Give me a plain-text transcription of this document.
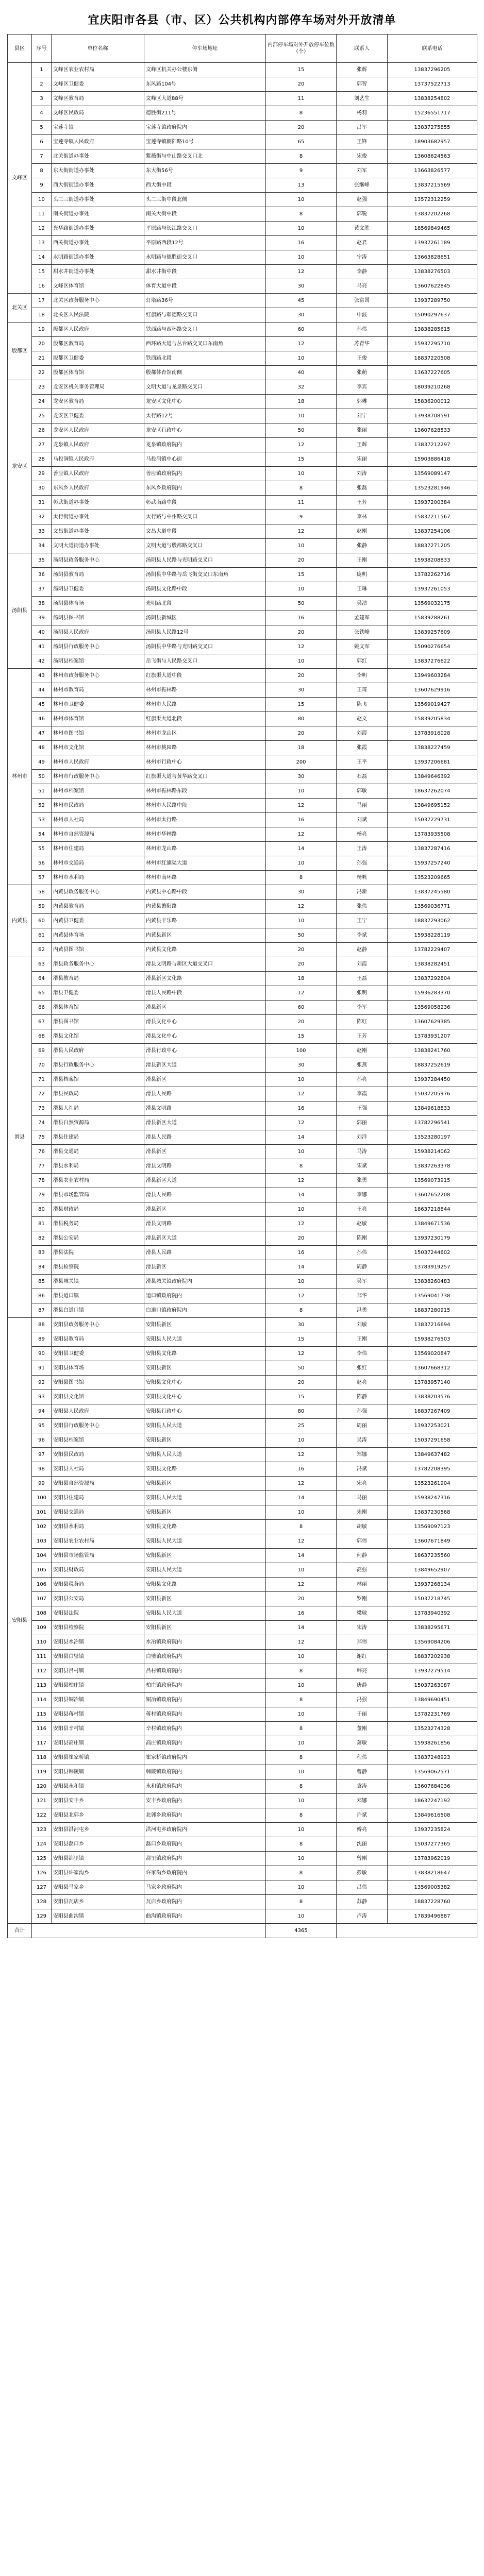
宜庆阳市各县（市、区）公共机构内部停车场对外开放清单
县区	序号	单位名称	停车场地址	内部停车场对外开放停车位数（个）	联系人	联系电话
文峰区	1	文峰区农业农村局	文峰区机关办公楼东侧	15	张辉	13837296205
	2	文峰区卫健委	东风路104号	20	郭智	13737522713
	3	文峰区教育局	文峰区大道88号	11	刘艺生	13838254802
	4	文峰区民政局	德胜街211号	8	杨莉	15236551717
	5	宝莲寺镇	宝莲寺镇政府院内	20	吕军	13837275855
	6	宝莲寺镇人民政府	宝莲寺镇朝阳路10号	65	王锋	18903682957
	7	北关街道办事处	紫薇街与中山路交叉口北	8	宋俊	13608624563
	8	东大街街道办事处	东大街56号	9	刘军	13663826577
	9	西大街街道办事处	西大街中段	13	张继峰	13837215569
	10	头二三街道办事处	头二三街中段北侧	10	赵强	13572312259
	11	南关街道办事处	南关大街中段	8	郭锐	13837202268
	12	光华路街道办事处	平原路与长江路交叉口	10	黄文胜	18569849465
	13	西关街道办事处	平原路西段12号	16	赵君	13937261189
	14	永明路街道办事处	永明路与德胜街交叉口	10	宁涛	13663828651
	15	甜水井街道办事处	甜水井街中段	12	李静	13838276503
	16	文峰区体育馆	体育大道中段	30	马亮	13607622845
北关区	17	北关区政务服务中心	灯塔路36号	45	张富国	13937289750
	18	北关区人民法院	红旗路与彰德路交叉口	30	申波	15090297637
殷都区	19	殷都区人民政府	铁西路与西环路交叉口	60	孙伟	13838285615
	20	殷都区教育局	西环路大道与丛台路交叉口东南角	12	苏青华	15937295710
	21	殷都区卫健委	铁西路北段	10	王俊	18837220508
	22	殷都区体育馆	殷都体育馆南侧	40	张萌	13637227605
龙安区	23	龙安区机关事务管理局	文明大道与龙泉路交叉口	32	李宾	18039210268
	24	龙安区教育局	龙安区文化中心	18	郭琳	15836200012
	25	龙安区卫健委	太行路12号	10	刘宁	13938708591
	26	龙安区人民政府	龙安区行政中心	50	张丽	13607628533
	27	龙泉镇人民政府	龙泉镇政府院内	12	王辉	13837212297
	28	马投涧镇人民政府	马投涧镇中心街	15	宋丽	15903886418
	29	善应镇人民政府	善应镇政府院内	10	刘涛	13569089147
	30	东风乡人民政府	东风乡政府院内	8	张磊	13523281946
	31	彰武街道办事处	彰武南路中段	11	王芳	13937200384
	32	太行街道办事处	太行路与中州路交叉口	9	李林	15837211567
	33	文昌街道办事处	文昌大道中段	12	赵刚	13837254106
	34	文明大道街道办事处	文明大道与殷都路交叉口	10	张静	18837271205
汤阴县	35	汤阴县政务服务中心	汤阴县人民路与光明路交叉口	20	王刚	15938208833
	36	汤阴县教育局	汤阴县中华路与岳飞街交叉口东南角	15	庞明	13782262716
	37	汤阴县卫健委	汤阴县文化路中段	10	王琳	13937261053
	38	汤阴县体育场	光明路北段	50	吴洁	13569032175
	39	汤阴县图书馆	汤阴县新城区	16	孟建军	15839288261
	40	汤阴县人民政府	汤阴县人民路12号	20	张铁峰	13839257609
	41	汤阴县行政服务中心	汤阴县中华路与光明路交叉口	12	姚文军	15090276654
	42	汤阴县档案馆	岳飞街与人民路交叉口	10	郭红	13837276622
林州市	43	林州市政务服务中心	红旗渠大道中段	20	李明	13949603284
	44	林州市教育局	林州市振林路	30	王琦	13607629916
	45	林州市卫健委	林州市人民路	15	陈飞	13569019427
	46	林州市体育馆	红旗渠大道北段	80	赵文	15839205834
	47	林州市图书馆	林州市龙山区	20	刘霞	13783916028
	48	林州市文化馆	林州市桃园路	18	张霞	13838227459
	49	林州市人民政府	林州市行政中心	200	王平	13937206681
	50	林州市行政服务中心	红旗渠大道与黄华路交叉口	30	石磊	13849646392
	51	林州市档案馆	林州市振林路东段	10	郭敏	18637262074
	52	林州市民政局	林州市人民路中段	12	马丽	13849695152
	53	林州市人社局	林州市太行路	16	刘斌	15037229731
	54	林州市自然资源局	林州市华林路	12	杨亮	13783935508
	55	林州市住建局	林州市龙山路	14	王涛	13837287416
	56	林州市交通局	林州市红旗渠大道	10	孙强	15937257240
	57	林州市水利局	林州市南环路	8	杨帆	13523209665
内黄县	58	内黄县政务服务中心	内黄县中心路中段	30	冯新	13837245580
	59	内黄县教育局	内黄县繁阳路	12	张伟	13569036771
	60	内黄县卫健委	内黄县丰乐路	10	王宁	18837293062
	61	内黄县体育场	内黄县新区	50	李斌	15938228119
	62	内黄县图书馆	内黄县文化路	20	赵静	13782229407
滑县	63	滑县政务服务中心	滑县文明路与新区大道交叉口	20	刘霞	13838282451
	64	滑县教育局	滑县新区文化路	18	王磊	13837292804
	65	滑县卫健委	滑县人民路中段	12	张明	15936283370
	66	滑县体育馆	滑县新区	60	李军	13569058236
	67	滑县图书馆	滑县文化中心	20	陈红	13607629385
	68	滑县文化馆	滑县文化中心	15	王芳	13783931207
	69	滑县人民政府	滑县行政中心	100	赵刚	13838241760
	70	滑县行政服务中心	滑县新区大道	30	张燕	18837252619
	71	滑县档案馆	滑县新区	10	孙亮	13937284450
	72	滑县民政局	滑县人民路	12	李霞	15037205976
	73	滑县人社局	滑县文明路	16	王强	13849618833
	74	滑县自然资源局	滑县新区大道	12	郭丽	13782296541
	75	滑县住建局	滑县人民路	14	刘洋	13523280197
	76	滑县交通局	滑县新区	10	马涛	15938214062
	77	滑县水利局	滑县文明路	8	宋斌	13837263378
	78	滑县农业农村局	滑县新区大道	12	张勇	13569073915
	79	滑县市场监管局	滑县人民路	14	李娜	13607652208
	80	滑县财政局	滑县新区	10	王亮	18637218844
	81	滑县税务局	滑县文明路	12	赵敏	13849671536
	82	滑县公安局	滑县新区大道	20	陈刚	13937230179
	83	滑县法院	滑县人民路	16	孙伟	15037244602
	84	滑县检察院	滑县新区	14	周静	13783919257
	85	滑县城关镇	滑县城关镇政府院内	10	吴军	13838260483
	86	滑县道口镇	道口镇政府院内	12	郑华	13569041738
	87	滑县白道口镇	白道口镇政府院内	8	冯勇	18837280915
安阳县	88	安阳县政务服务中心	安阳县新区	30	刘敏	13837216694
	89	安阳县教育局	安阳县人民大道	15	王刚	15938276503
	90	安阳县卫健委	安阳县文化路	12	李伟	13569020847
	91	安阳县体育场	安阳县新区	50	张红	13607668312
	92	安阳县图书馆	安阳县文化中心	20	赵亮	13783957140
	93	安阳县文化馆	安阳县文化中心	15	陈静	13838203576
	94	安阳县人民政府	安阳县行政中心	80	孙强	18837267409
	95	安阳县行政服务中心	安阳县人民大道	25	周丽	13937253021
	96	安阳县档案馆	安阳县新区	10	吴涛	15037291658
	97	安阳县民政局	安阳县人民大道	12	郑娜	13849637482
	98	安阳县人社局	安阳县文化路	16	冯斌	13782208395
	99	安阳县自然资源局	安阳县新区	12	宋亮	13523261904
	100	安阳县住建局	安阳县人民大道	14	马丽	15938247316
	101	安阳县交通局	安阳县新区	10	朱刚	13837230568
	102	安阳县水利局	安阳县文化路	8	胡敏	13569097123
	103	安阳县农业农村局	安阳县人民大道	12	郭伟	13607671849
	104	安阳县市场监管局	安阳县新区	14	何静	18637235560
	105	安阳县财政局	安阳县人民大道	10	高强	13849652907
	106	安阳县税务局	安阳县文化路	12	林丽	13937268134
	107	安阳县公安局	安阳县新区	20	罗刚	15037218745
	108	安阳县法院	安阳县人民大道	16	梁敏	13783940392
	109	安阳县检察院	安阳县新区	14	宋涛	13838295671
	110	安阳县水冶镇	水冶镇政府院内	12	郑伟	13569084206
	111	安阳县白璧镇	白璧镇政府院内	10	谢红	18837202938
	112	安阳县吕村镇	吕村镇政府院内	8	韩亮	13937279514
	113	安阳县柏庄镇	柏庄镇政府院内	10	唐静	15037263087
	114	安阳县铜冶镇	铜冶镇政府院内	8	冯强	13849690451
	115	安阳县蒋村镇	蒋村镇政府院内	10	于丽	13782231769
	116	安阳县辛村镇	辛村镇政府院内	8	董刚	13523274328
	117	安阳县高庄镇	高庄镇政府院内	10	萧敏	15938261856
	118	安阳县崔家桥镇	崔家桥镇政府院内	8	程伟	13837248923
	119	安阳县韩陵镇	韩陵镇政府院内	10	曹静	13569062571
	120	安阳县永和镇	永和镇政府院内	8	袁涛	13607684036
	121	安阳县安丰乡	安丰乡政府院内	10	邓娜	18637247192
	122	安阳县北郭乡	北郭乡政府院内	8	许斌	13849616508
	123	安阳县洪河屯乡	洪河屯乡政府院内	10	傅亮	13937235824
	124	安阳县磊口乡	磊口乡政府院内	8	沈丽	15037277365
	125	安阳县都里镇	都里镇政府院内	10	曾刚	13783962019
	126	安阳县许家沟乡	许家沟乡政府院内	8	彭敏	13838218647
	127	安阳县马家乡	马家乡政府院内	10	吕伟	13569005382
	128	安阳县瓦店乡	瓦店乡政府院内	8	苏静	18837228760
	129	安阳县曲沟镇	曲沟镇政府院内	10	卢涛	17839496887
合计				4365		
